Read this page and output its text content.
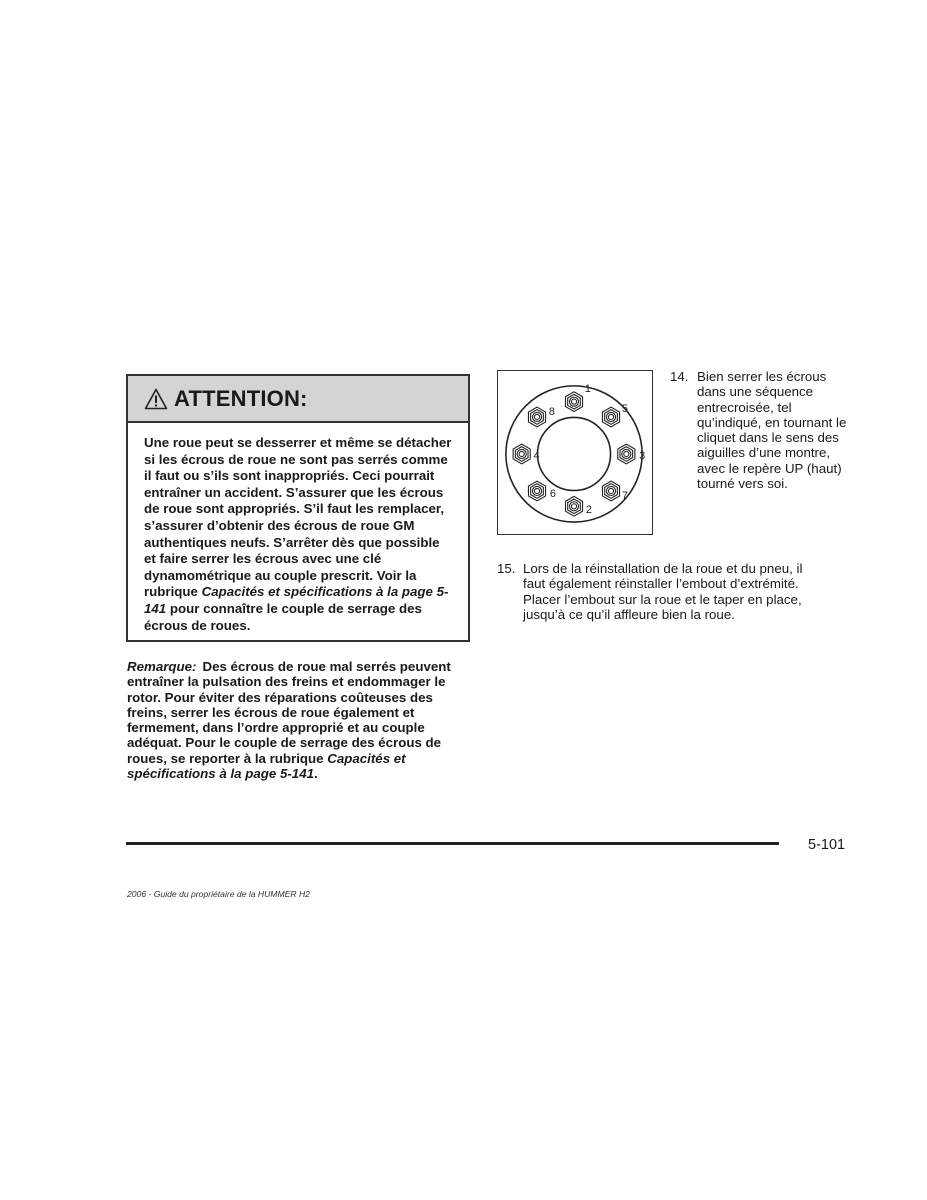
ATTENTION:
Une roue peut se desserrer et même se détacher si les écrous de roue ne sont pas serrés comme il faut ou s’ils sont inappropriés. Ceci pourrait entraîner un accident. S’assurer que les écrous de roue sont appropriés. S’il faut les remplacer, s’assurer d’obtenir des écrous de roue GM authentiques neufs. S’arrêter dès que possible et faire serrer les écrous avec une clé dynamométrique au couple prescrit. Voir la rubrique Capacités et spécifications à la page 5-141 pour connaître le couple de serrage des écrous de roues.
Remarque: Des écrous de roue mal serrés peuvent entraîner la pulsation des freins et endommager le rotor. Pour éviter des réparations coûteuses des freins, serrer les écrous de roue également et fermement, dans l’ordre approprié et au couple adéquat. Pour le couple de serrage des écrous de roues, se reporter à la rubrique Capacités et spécifications à la page 5-141.
1
2
3
4
5
6	7
8
14. Bien serrer les écrous dans une séquence entrecroisée, tel qu’indiqué, en tournant le cliquet dans le sens des aiguilles d’une montre, avec le repère UP (haut) tourné vers soi.
15. Lors de la réinstallation de la roue et du pneu, il faut également réinstaller l’embout d’extrémité. Placer l’embout sur la roue et le taper en place, jusqu’à ce qu’il affleure bien la roue.
5-101
2006 - Guide du propriétaire de la HUMMER H2
